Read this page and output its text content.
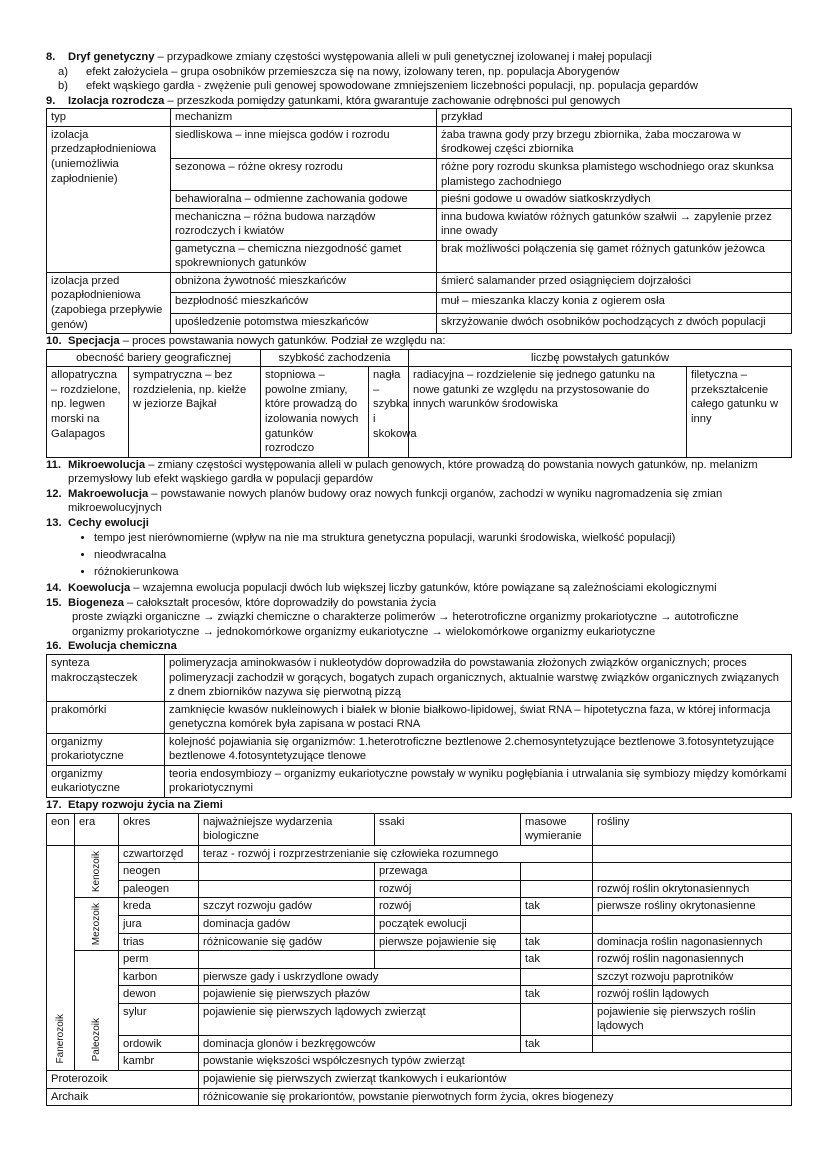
8.	Dryf genetyczny – przypadkowe zmiany częstości występowania alleli w puli genetycznej izolowanej i małej populacji
a)	efekt założyciela – grupa osobników przemieszcza się na nowy, izolowany teren, np. populacja Aborygenów
b)	efekt wąskiego gardła - zwężenie puli genowej spowodowane zmniejszeniem liczebności populacji, np. populacja gepardów
9.	Izolacja rozrodcza – przeszkoda pomiędzy gatunkami, która gwarantuje zachowanie odrębności pul genowych
typ	mechanizm	przykład
izolacja przedzapłodnieniowa (uniemożliwia zapłodnienie)	siedliskowa – inne miejsca godów i rozrodu	żaba trawna gody przy brzegu zbiornika, żaba moczarowa w środkowej części zbiornika
	sezonowa – różne okresy rozrodu	różne pory rozrodu skunksa plamistego wschodniego oraz skunksa plamistego zachodniego
	behawioralna – odmienne zachowania godowe	pieśni godowe u owadów siatkoskrzydłych
	mechaniczna – różna budowa narządów rozrodczych i kwiatów	inna budowa kwiatów różnych gatunków szałwii → zapylenie przez inne owady
	gametyczna – chemiczna niezgodność gamet spokrewnionych gatunków	brak możliwości połączenia się gamet różnych gatunków jeżowca
izolacja przed pozapłodnieniowa (zapobiega przepływie genów)	obniżona żywotność mieszkańców	śmierć salamander przed osiągnięciem dojrzałości
	bezpłodność mieszkańców	muł – mieszanka klaczy konia z ogierem osła
	upośledzenie potomstwa mieszkańców	skrzyżowanie dwóch osobników pochodzących z dwóch populacji
10. Specjacja – proces powstawania nowych gatunków. Podział ze względu na:
obecność bariery geograficznej		szybkość zachodzenia		liczbę powstałych gatunków	
allopatryczna – rozdzielone, np. legwen morski na Galapagos	sympatryczna – bez rozdzielenia, np. kiełże w jeziorze Bajkał	stopniowa – powolne zmiany, które prowadzą do izolowania nowych gatunków rozrodczo	nagła – szybka i skokowa	radiacyjna – rozdzielenie się jednego gatunku na nowe gatunki ze względu na przystosowanie do innych warunków środowiska	filetyczna – przekształcenie całego gatunku w inny
11. Mikroewolucja – zmiany częstości występowania alleli w pulach genowych, które prowadzą do powstania nowych gatunków, np. melanizm przemysłowy lub efekt wąskiego gardła w populacji gepardów
12. Makroewolucja – powstawanie nowych planów budowy oraz nowych funkcji organów, zachodzi w wyniku nagromadzenia się zmian mikroewolucyjnych
13. Cechy ewolucji
• tempo jest nierównomierne (wpływ na nie ma struktura genetyczna populacji, warunki środowiska, wielkość populacji)
• nieodwracalna
• różnokierunkowa
14. Koewolucja – wzajemna ewolucja populacji dwóch lub większej liczby gatunków, które powiązane są zależnościami ekologicznymi
15. Biogeneza – całokształt procesów, które doprowadziły do powstania życia
proste związki organiczne → związki chemiczne o charakterze polimerów → heterotroficzne organizmy prokariotyczne → autotroficzne organizmy prokariotyczne → jednokomórkowe organizmy eukariotyczne → wielokomórkowe organizmy eukariotyczne
16. Ewolucja chemiczna
synteza makrocząsteczek	polimeryzacja aminokwasów i nukleotydów doprowadziła do powstawania złożonych związków organicznych; proces polimeryzacji zachodził w gorących, bogatych zupach organicznych, aktualnie warstwę związków organicznych związanych z dnem zbiorników nazywa się pierwotną pizzą
prakomórki	zamknięcie kwasów nukleinowych i białek w błonie białkowo-lipidowej, świat RNA – hipotetyczna faza, w której informacja genetyczna komórek była zapisana w postaci RNA
organizmy prokariotyczne	kolejność pojawiania się organizmów: 1.heterotroficzne beztlenowe 2.chemosyntetyzujące beztlenowe 3.fotosyntetyzujące beztlenowe 4.fotosyntetyzujące tlenowe
organizmy eukariotyczne	teoria endosymbiozy – organizmy eukariotyczne powstały w wyniku pogłębiania i utrwalania się symbiozy między komórkami prokariotycznymi
17. Etapy rozwoju życia na Ziemi
eon	era	okres	najważniejsze wydarzenia biologiczne	ssaki	masowe wymieranie	rośliny

Fanerozoik	Kenozoik	czwartorzęd	teraz - rozwój i rozprzestrzenianie się człowieka rozumnego			
		neogen		przewaga		
		paleogen		rozwój		rozwój roślin okrytonasiennych

	Mezozoik	kreda	szczyt rozwoju gadów	rozwój	tak	pierwsze rośliny okrytonasienne
		jura	dominacja gadów	początek ewolucji		
		trias	różnicowanie się gadów	pierwsze pojawienie się	tak	dominacja roślin nagonasiennych

	Paleozoik	perm			tak	rozwój roślin nagonasiennych
		karbon	pierwsze gady i uskrzydlone owady			szczyt rozwoju paprotników
		dewon	pojawienie się pierwszych płazów		tak	rozwój roślin lądowych
		sylur	pojawienie się pierwszych lądowych zwierząt			pojawienie się pierwszych roślin lądowych
		ordowik	dominacja glonów i bezkręgowców		tak	
		kambr	powstanie większości współczesnych typów zwierząt			
Proterozoik			pojawienie się pierwszych zwierząt tkankowych i eukariontów			
Archaik			różnicowanie się prokariontów, powstanie pierwotnych form życia, okres biogenezy			
